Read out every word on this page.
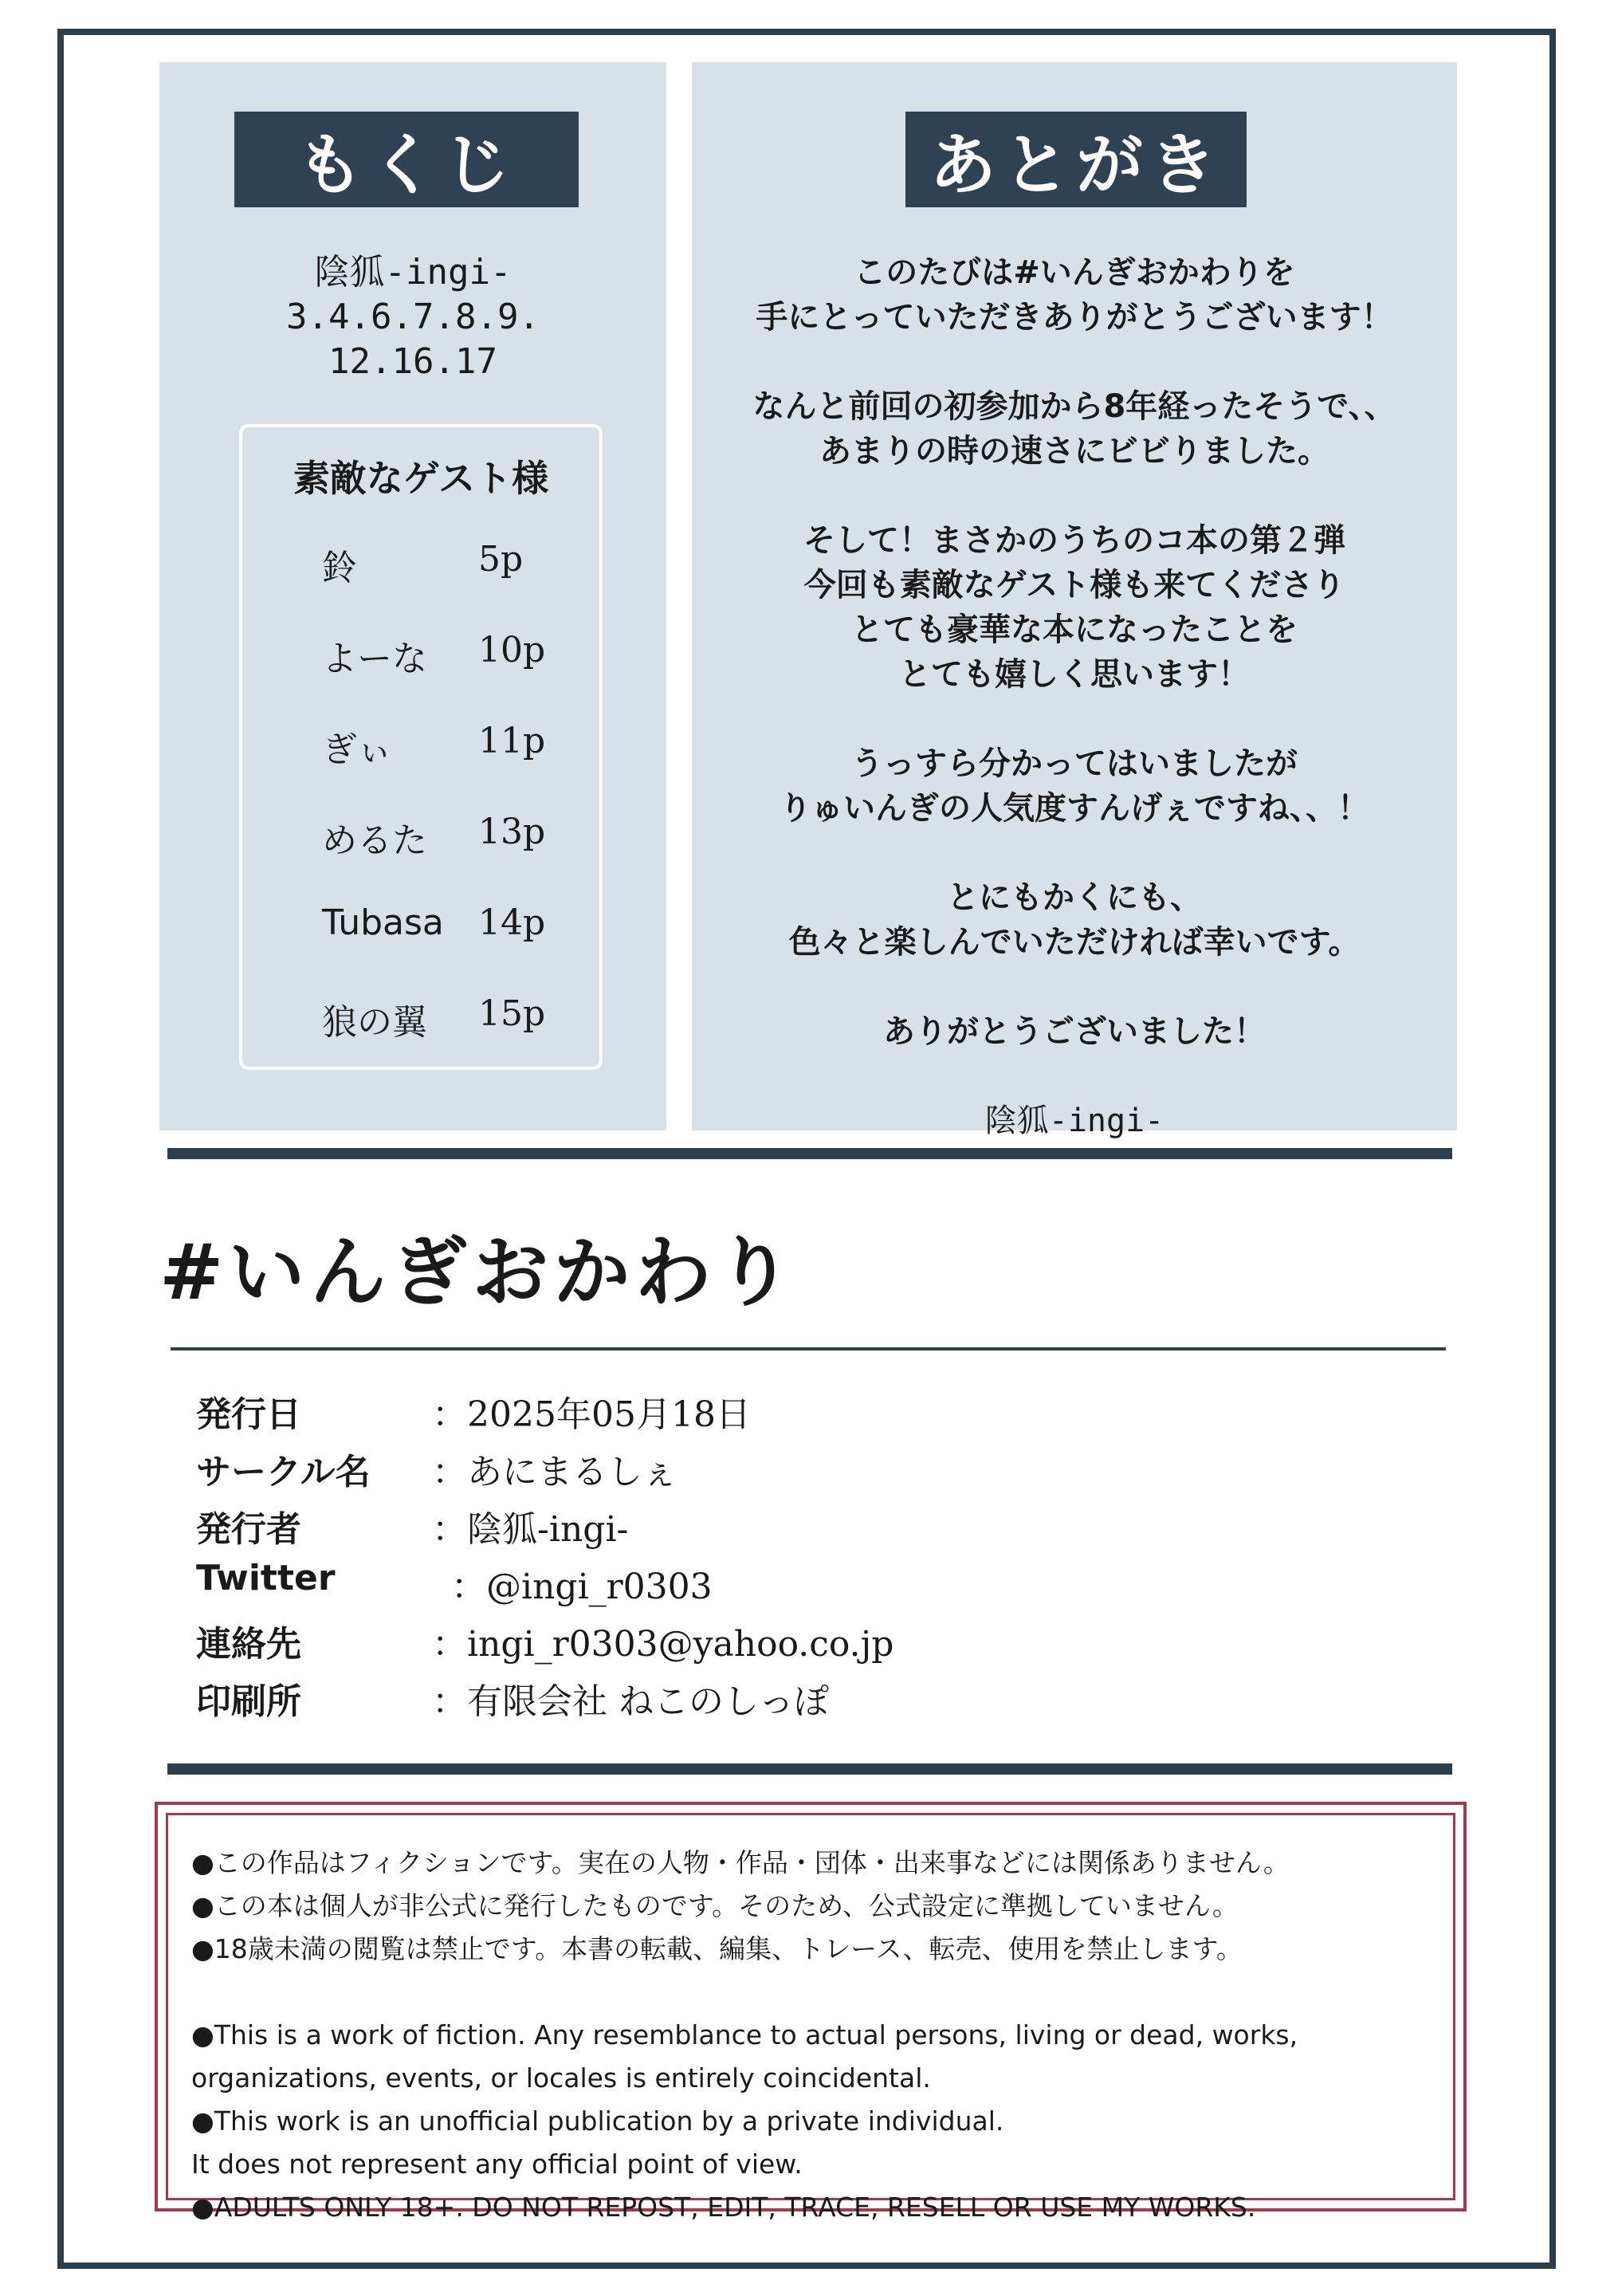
もくじ
陰狐-ingi-
3.4.6.7.8.9.
12.16.17
素敵なゲスト様
鈴	5p
よーな 10p
ぎぃ 11p
めるた 13p
Tubasa 14p
狼の翼 15p
あとがき

このたびは#いんぎおかわりを
手にとっていただきありがとうございます！

なんと前回の初参加から8年経ったそうで、、
あまりの時の速さにビビりました。

そして！まさかのうちのコ本の第２弾
今回も素敵なゲスト様も来てくださり
とても豪華な本になったことを
とても嬉しく思います！

うっすら分かってはいましたが
りゅいんぎの人気度すんげぇですね、、！

とにもかくにも、
色々と楽しんでいただければ幸いです。

ありがとうございました！

陰狐-ingi-

#いんぎおかわり
発行日	：2025年05月18日
サークル名 ：あにまるしぇ
発行者	：陰狐-ingi-
Twitter	：@ingi_r0303
連絡先	：ingi_r0303@yahoo.co.jp
印刷所	：有限会社 ねこのしっぽ
●この作品はフィクションです。実在の人物・作品・団体・出来事などには関係ありません。
●この本は個人が非公式に発行したものです。そのため、公式設定に準拠していません。
●18歳未満の閲覧は禁止です。本書の転載、編集、トレース、転売、使用を禁止します。
●This is a work of fiction. Any resemblance to actual persons, living or dead, works,
organizations, events, or locales is entirely coincidental.
●This work is an unofficial publication by a private individual.
It does not represent any official point of view.
●ADULTS ONLY 18+. DO NOT REPOST, EDIT, TRACE, RESELL OR USE MY WORKS.
